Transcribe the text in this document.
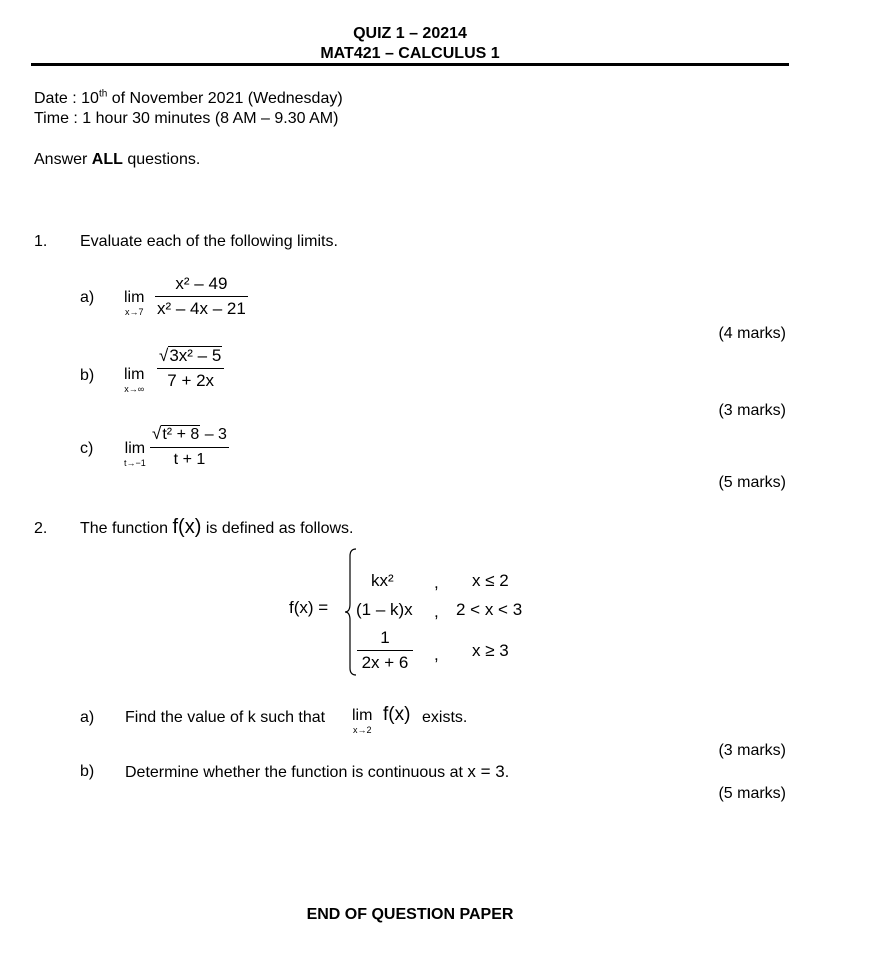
QUIZ 1 – 20214
MAT421 – CALCULUS 1
Date : 10th of November 2021 (Wednesday)
Time : 1 hour 30 minutes (8 AM – 9.30 AM)
Answer ALL questions.
1. Evaluate each of the following limits.
a) lim
$x\to 7 \frac{\text{x² – 49}}{\text{x² – 4x – 21}}$
(4 marks)
b) lim
$x\to\infty \frac{\text{√3x² – 5}}{7 + 2x}$
(3 marks)
c) lim
$t\to-1 \frac{\text{√t² + 8 – 3}}{t + 1}$
(5 marks)
2. The function f(x) is defined as follows.
f(x) =
kx² , x ≤ 2
(1 – k)x , 2 < x < 3
$\frac{1}{2x + 6}$ , x ≥ 3
a) Find the value of k such that lim
x→2
f(x) exists.
(3 marks)
b) Determine whether the function is continuous at x = 3.
(5 marks)
END OF QUESTION PAPER
